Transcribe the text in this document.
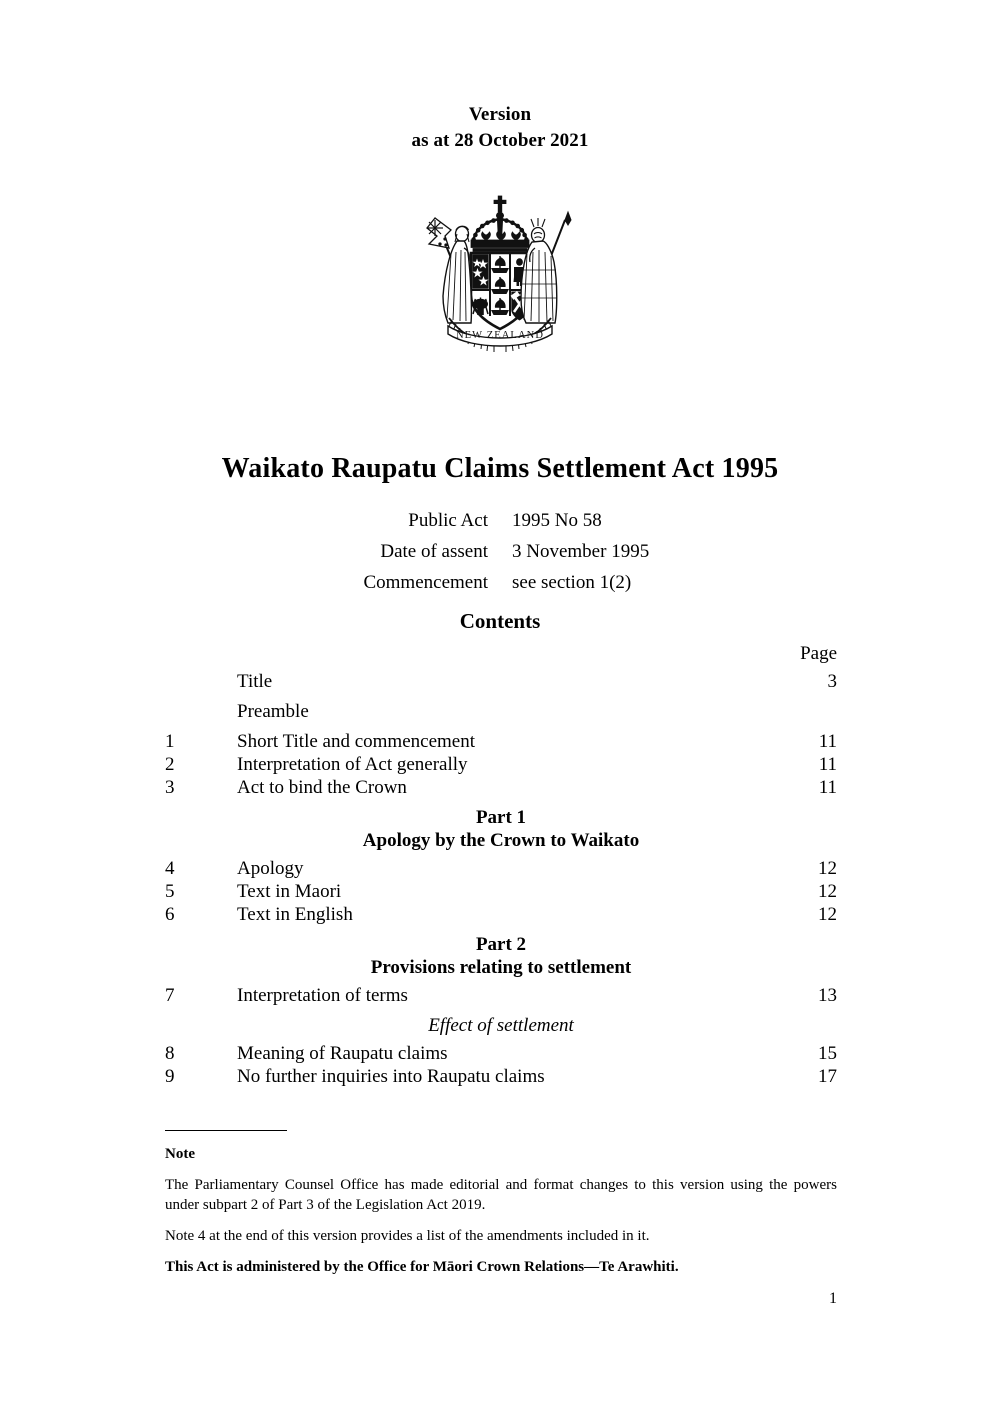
Version
as at 28 October 2021
NEW ZEALAND
Waikato Raupatu Claims Settlement Act 1995
Public Act 1995 No 58
Date of assent 3 November 1995
Commencement see section 1(2)
Contents
Page
Title	3
Preamble
1	Short Title and commencement	11
2	Interpretation of Act generally	11
3	Act to bind the Crown	11
Part 1
Apology by the Crown to Waikato
4	Apology	12
5	Text in Maori	12
6	Text in English	12
Part 2
Provisions relating to settlement
7	Interpretation of terms	13
Effect of settlement
8	Meaning of Raupatu claims	15
9	No further inquiries into Raupatu claims	17
Note
The Parliamentary Counsel Office has made editorial and format changes to this version using the powers under subpart 2 of Part 3 of the Legislation Act 2019.
Note 4 at the end of this version provides a list of the amendments included in it.
This Act is administered by the Office for Māori Crown Relations—Te Arawhiti.
1
